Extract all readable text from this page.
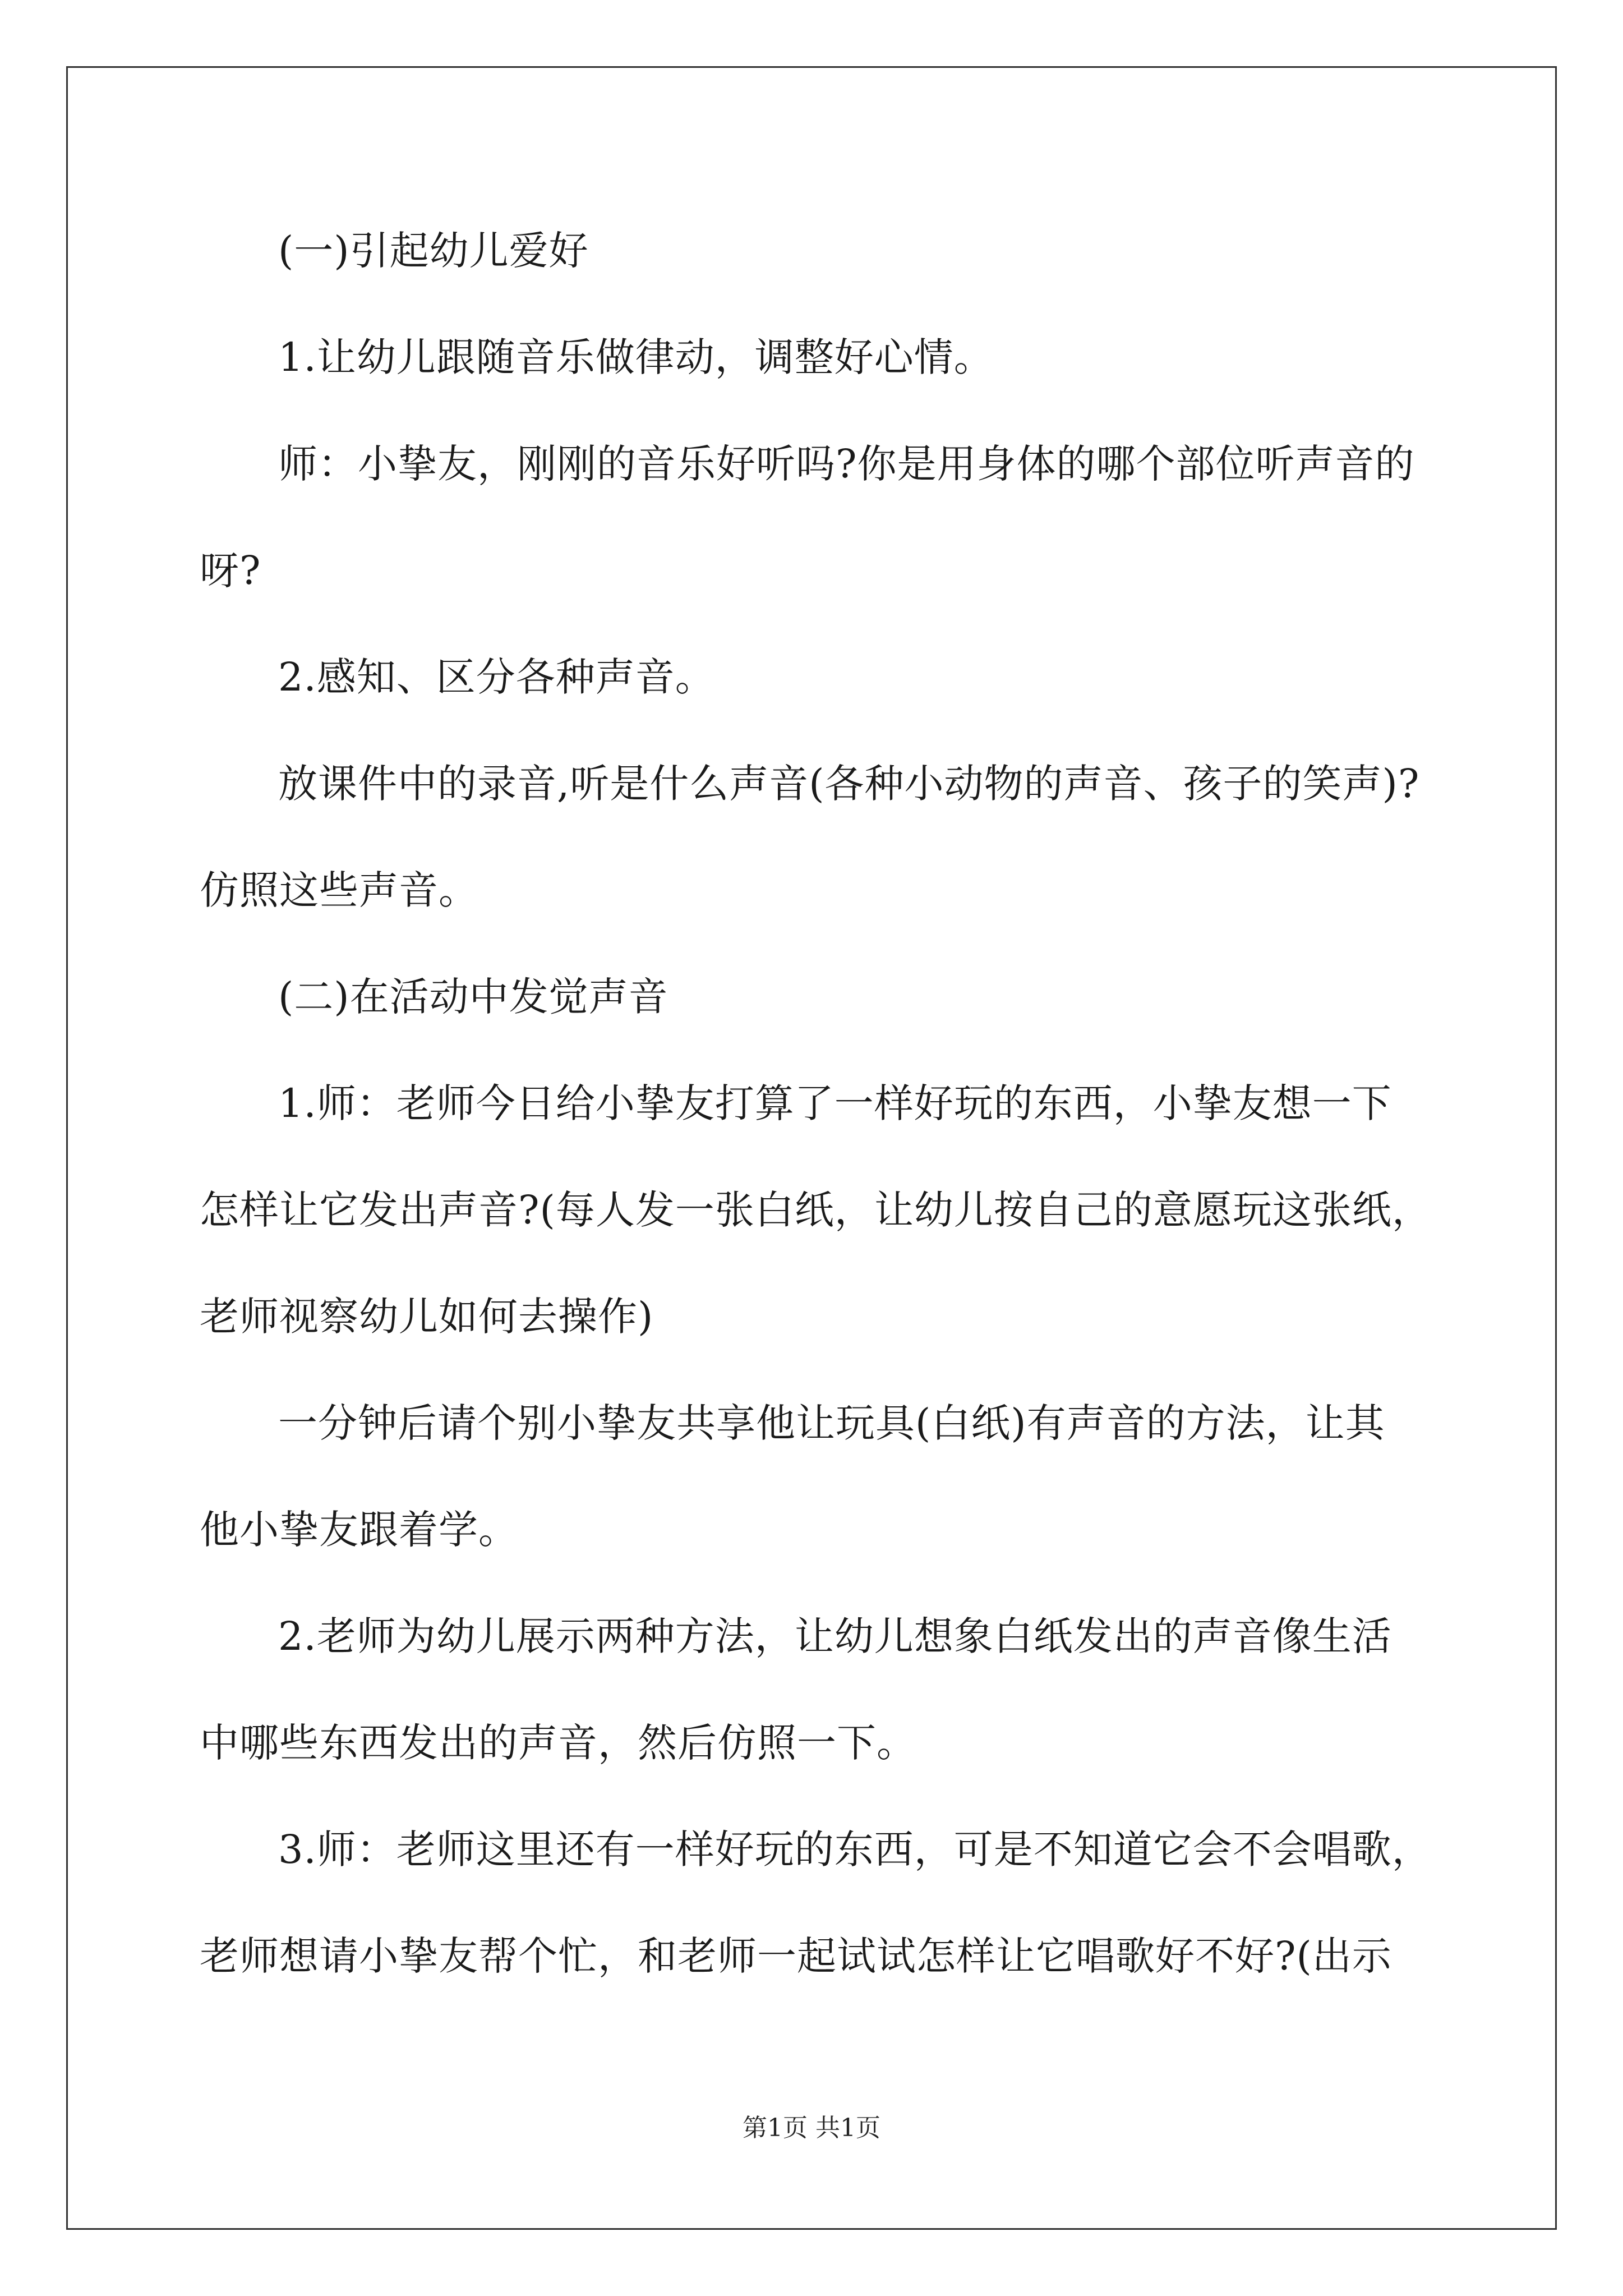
(一)引起幼儿爱好
1.让幼儿跟随音乐做律动，调整好心情。
师：小挚友，刚刚的音乐好听吗?你是用身体的哪个部位听声音的
呀?
2.感知、区分各种声音。
放课件中的录音,听是什么声音(各种小动物的声音、孩子的笑声)?
仿照这些声音。
(二)在活动中发觉声音
1.师：老师今日给小挚友打算了一样好玩的东西，小挚友想一下
怎样让它发出声音?(每人发一张白纸，让幼儿按自己的意愿玩这张纸，
老师视察幼儿如何去操作)
一分钟后请个别小挚友共享他让玩具(白纸)有声音的方法，让其
他小挚友跟着学。
2.老师为幼儿展示两种方法，让幼儿想象白纸发出的声音像生活
中哪些东西发出的声音，然后仿照一下。
3.师：老师这里还有一样好玩的东西，可是不知道它会不会唱歌，
老师想请小挚友帮个忙，和老师一起试试怎样让它唱歌好不好?(出示
第1页 共1页
